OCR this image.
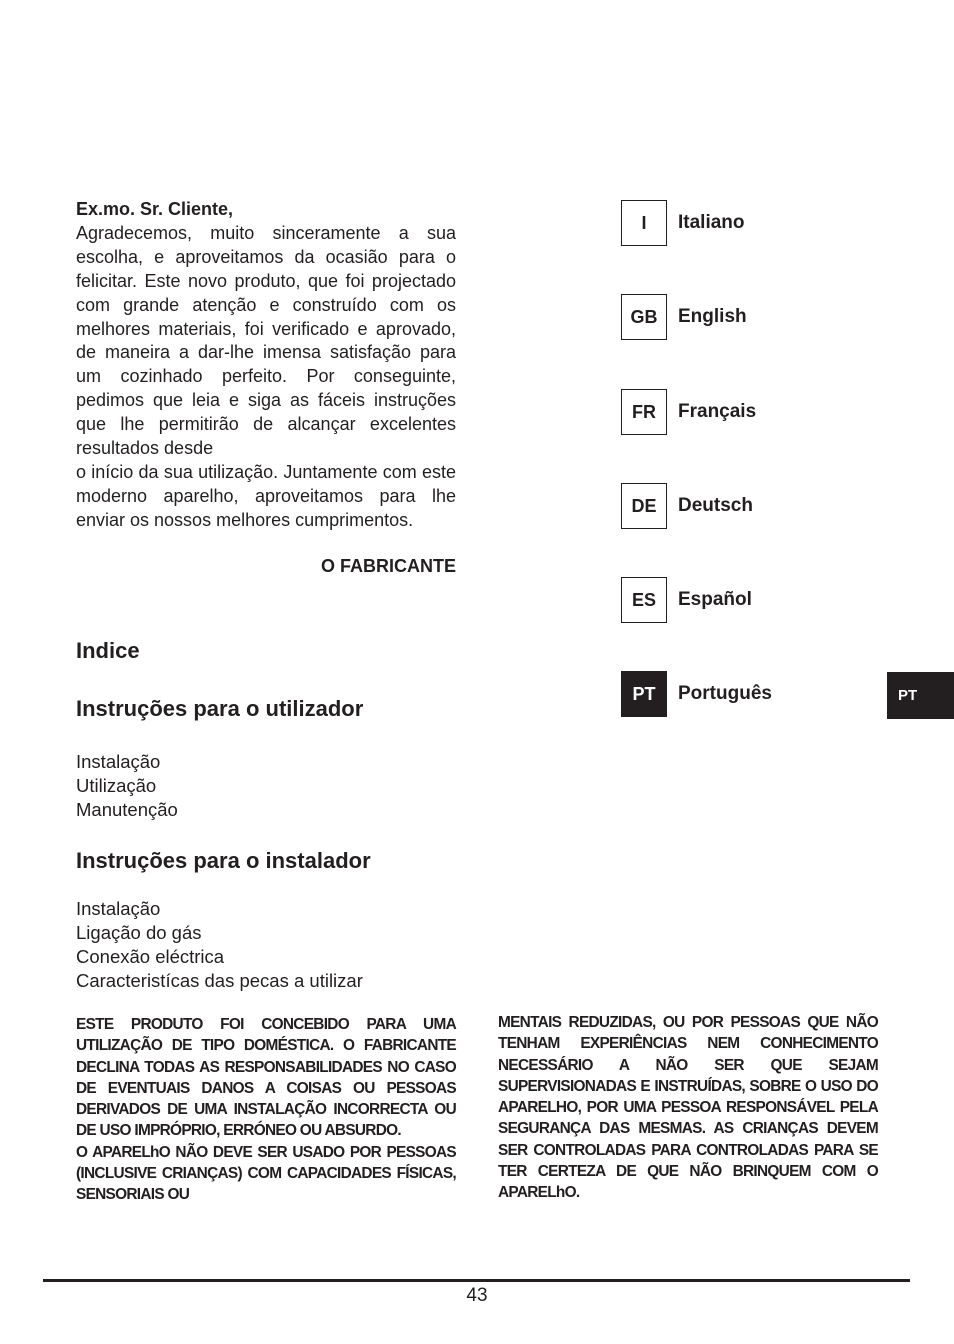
Ex.mo. Sr. Cliente,

Agradecemos, muito sinceramente a sua escolha, e aproveitamos da ocasião para o felicitar. Este novo produto, que foi projectado com grande atenção e construído com os melhores materiais, foi verificado e aprovado, de maneira a dar-lhe imensa satisfação para um cozinhado perfeito. Por conseguinte, pedimos que leia e siga as fáceis instruções que lhe permitirão de alcançar excelentes resultados desde

o início da sua utilização. Juntamente com este moderno aparelho, aproveitamos para lhe enviar os nossos melhores cumprimentos.

O FABRICANTE
Indice
Instruções para o utilizador
Instalação
Utilização
Manutenção
Instruções para o instalador
Instalação
Ligação do gás
Conexão eléctrica
Caracteristícas das pecas a utilizar
ESTE PRODUTO FOI CONCEBIDO PARA UMA UTILIZAÇÃO DE TIPO DOMÉSTICA. O FABRICANTE DECLINA TODAS AS RESPONSABILIDADES NO CASO DE EVENTUAIS DANOS A COISAS OU PESSOAS DERIVADOS DE UMA INSTALAÇÃO INCORRECTA OU DE USO IMPRÓPRIO, ERRÓNEO OU ABSURDO.
O APARELhO NÃO DEVE SER USADO POR PESSOAS (INCLUSIVE CRIANÇAS) COM CAPACIDADES FÍSICAS, SENSORIAIS OU
MENTAIS REDUZIDAS, OU POR PESSOAS QUE NÃO TENHAM EXPERIÊNCIAS NEM CONHECIMENTO NECESSÁRIO A NÃO SER QUE SEJAM SUPERVISIONADAS E INSTRUÍDAS, SOBRE O USO DO APARELHO, POR UMA PESSOA RESPONSÁVEL PELA SEGURANÇA DAS MESMAS. AS CRIANÇAS DEVEM SER CONTROLADAS PARA CONTROLADAS PARA SE TER CERTEZA DE QUE NÃO BRINQUEM COM O APARELhO.
I	Italiano
GB	English
FR	Français
DE	Deutsch
ES	Español
PT	Português	PT
43
